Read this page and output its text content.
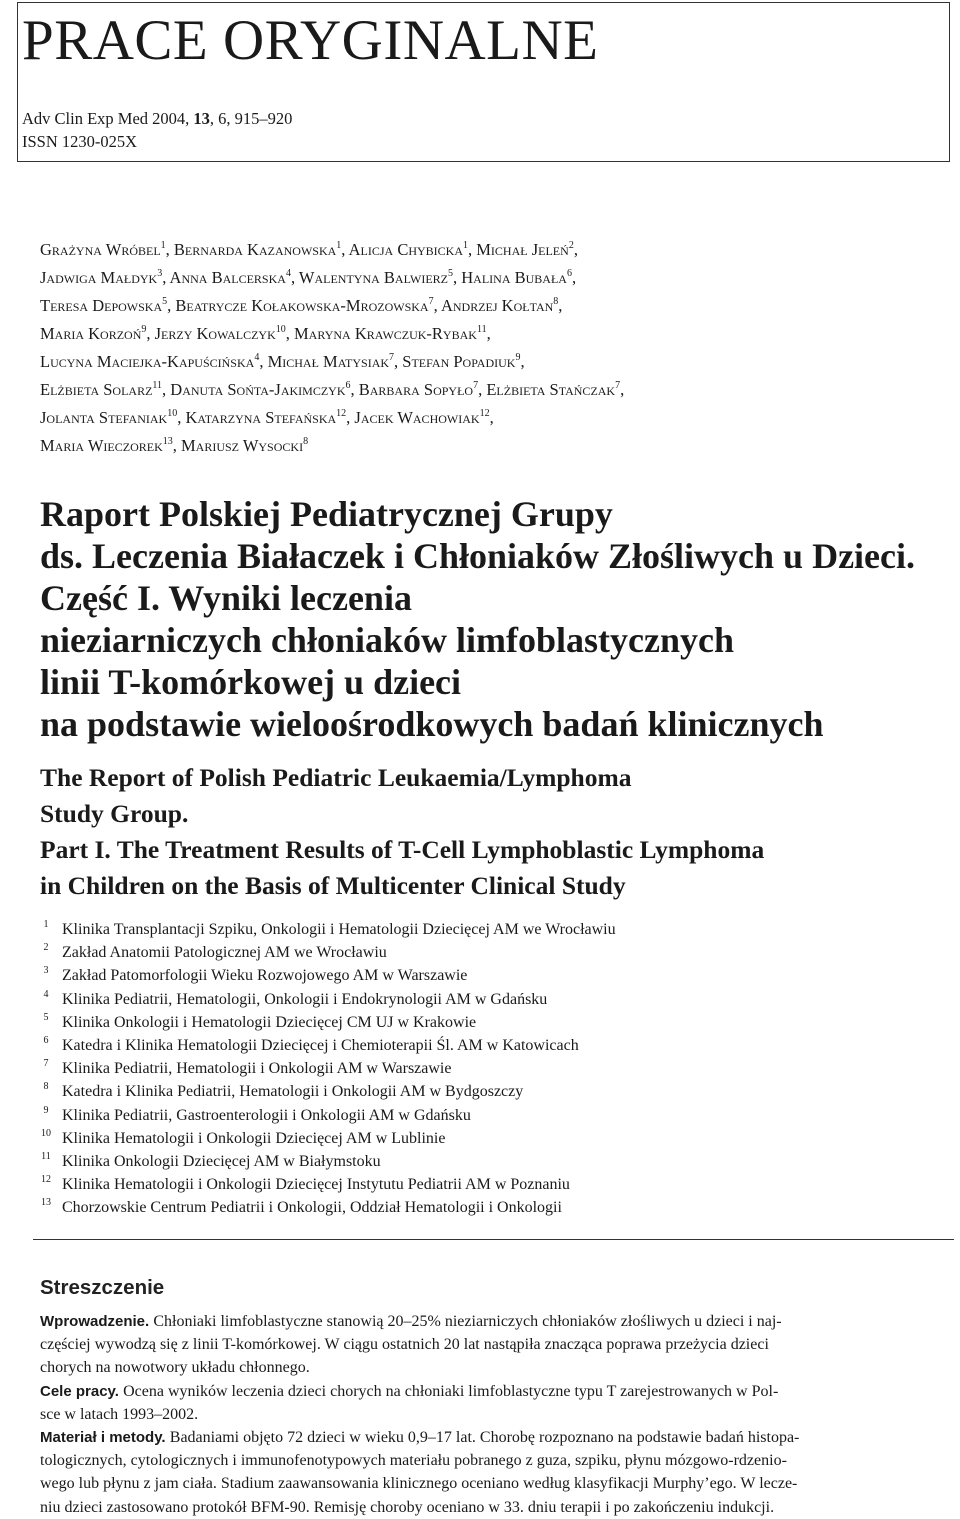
PRACE ORYGINALNE
Adv Clin Exp Med 2004, 13, 6, 915–920
ISSN 1230-025X
Grażyna Wróbel$^1$, Bernarda Kazanowska$^1$, Alicja Chybicka$^1$, Michał Jeleń$^2$,
Jadwiga Małdyk$^3$, Anna Balcerska$^4$, Walentyna Balwierz$^5$, Halina Bubała$^6$,
Teresa Depowska$^5$, Beatrycze Kołakowska-Mrozowska$^7$, Andrzej Kołtan$^8$,
Maria Korzoń$^9$, Jerzy Kowalczyk$^{10}$, Maryna Krawczuk-Rybak$^{11}$,
Lucyna Maciejka-Kapuścińska$^4$, Michał Matysiak$^7$, Stefan Popadiuk$^9$,
Elżbieta Solarz$^{11}$, Danuta Sońta-Jakimczyk$^6$, Barbara Sopyło$^7$, Elżbieta Stańczak$^7$,
Jolanta Stefaniak$^{10}$, Katarzyna Stefańska$^{12}$, Jacek Wachowiak$^{12}$,
Maria Wieczorek$^{13}$, Mariusz Wysocki$^8$
Raport Polskiej Pediatrycznej Grupy
ds. Leczenia Białaczek i Chłoniaków Złośliwych u Dzieci.
Część I. Wyniki leczenia
nieziarniczych chłoniaków limfoblastycznych
linii T-komórkowej u dzieci
na podstawie wieloośrodkowych badań klinicznych
The Report of Polish Pediatric Leukaemia/Lymphoma
Study Group.
Part I. The Treatment Results of T-Cell Lymphoblastic Lymphoma
in Children on the Basis of Multicenter Clinical Study
1 Klinika Transplantacji Szpiku, Onkologii i Hematologii Dziecięcej AM we Wrocławiu
2 Zakład Anatomii Patologicznej AM we Wrocławiu
3 Zakład Patomorfologii Wieku Rozwojowego AM w Warszawie
4 Klinika Pediatrii, Hematologii, Onkologii i Endokrynologii AM w Gdańsku
5 Klinika Onkologii i Hematologii Dziecięcej CM UJ w Krakowie
6 Katedra i Klinika Hematologii Dziecięcej i Chemioterapii Śl. AM w Katowicach
7 Klinika Pediatrii, Hematologii i Onkologii AM w Warszawie
8 Katedra i Klinika Pediatrii, Hematologii i Onkologii AM w Bydgoszczy
9 Klinika Pediatrii, Gastroenterologii i Onkologii AM w Gdańsku
10 Klinika Hematologii i Onkologii Dziecięcej AM w Lublinie
11 Klinika Onkologii Dziecięcej AM w Białymstoku
12 Klinika Hematologii i Onkologii Dziecięcej Instytutu Pediatrii AM w Poznaniu
13 Chorzowskie Centrum Pediatrii i Onkologii, Oddział Hematologii i Onkologii
Streszczenie
Wprowadzenie. Chłoniaki limfoblastyczne stanowią 20–25% nieziarniczych chłoniaków złośliwych u dzieci i naj-
częściej wywodzą się z linii T-komórkowej. W ciągu ostatnich 20 lat nastąpiła znacząca poprawa przeżycia dzieci
chorych na nowotwory układu chłonnego.
Cele pracy. Ocena wyników leczenia dzieci chorych na chłoniaki limfoblastyczne typu T zarejestrowanych w Pol-
sce w latach 1993–2002.
Materiał i metody. Badaniami objęto 72 dzieci w wieku 0,9–17 lat. Chorobę rozpoznano na podstawie badań histopa-
tologicznych, cytologicznych i immunofenotypowych materiału pobranego z guza, szpiku, płynu mózgowo-rdzenio-
wego lub płynu z jam ciała. Stadium zaawansowania klinicznego oceniano według klasyfikacji Murphy’ego. W lecze-
niu dzieci zastosowano protokół BFM-90. Remisję choroby oceniano w 33. dniu terapii i po zakończeniu indukcji.
